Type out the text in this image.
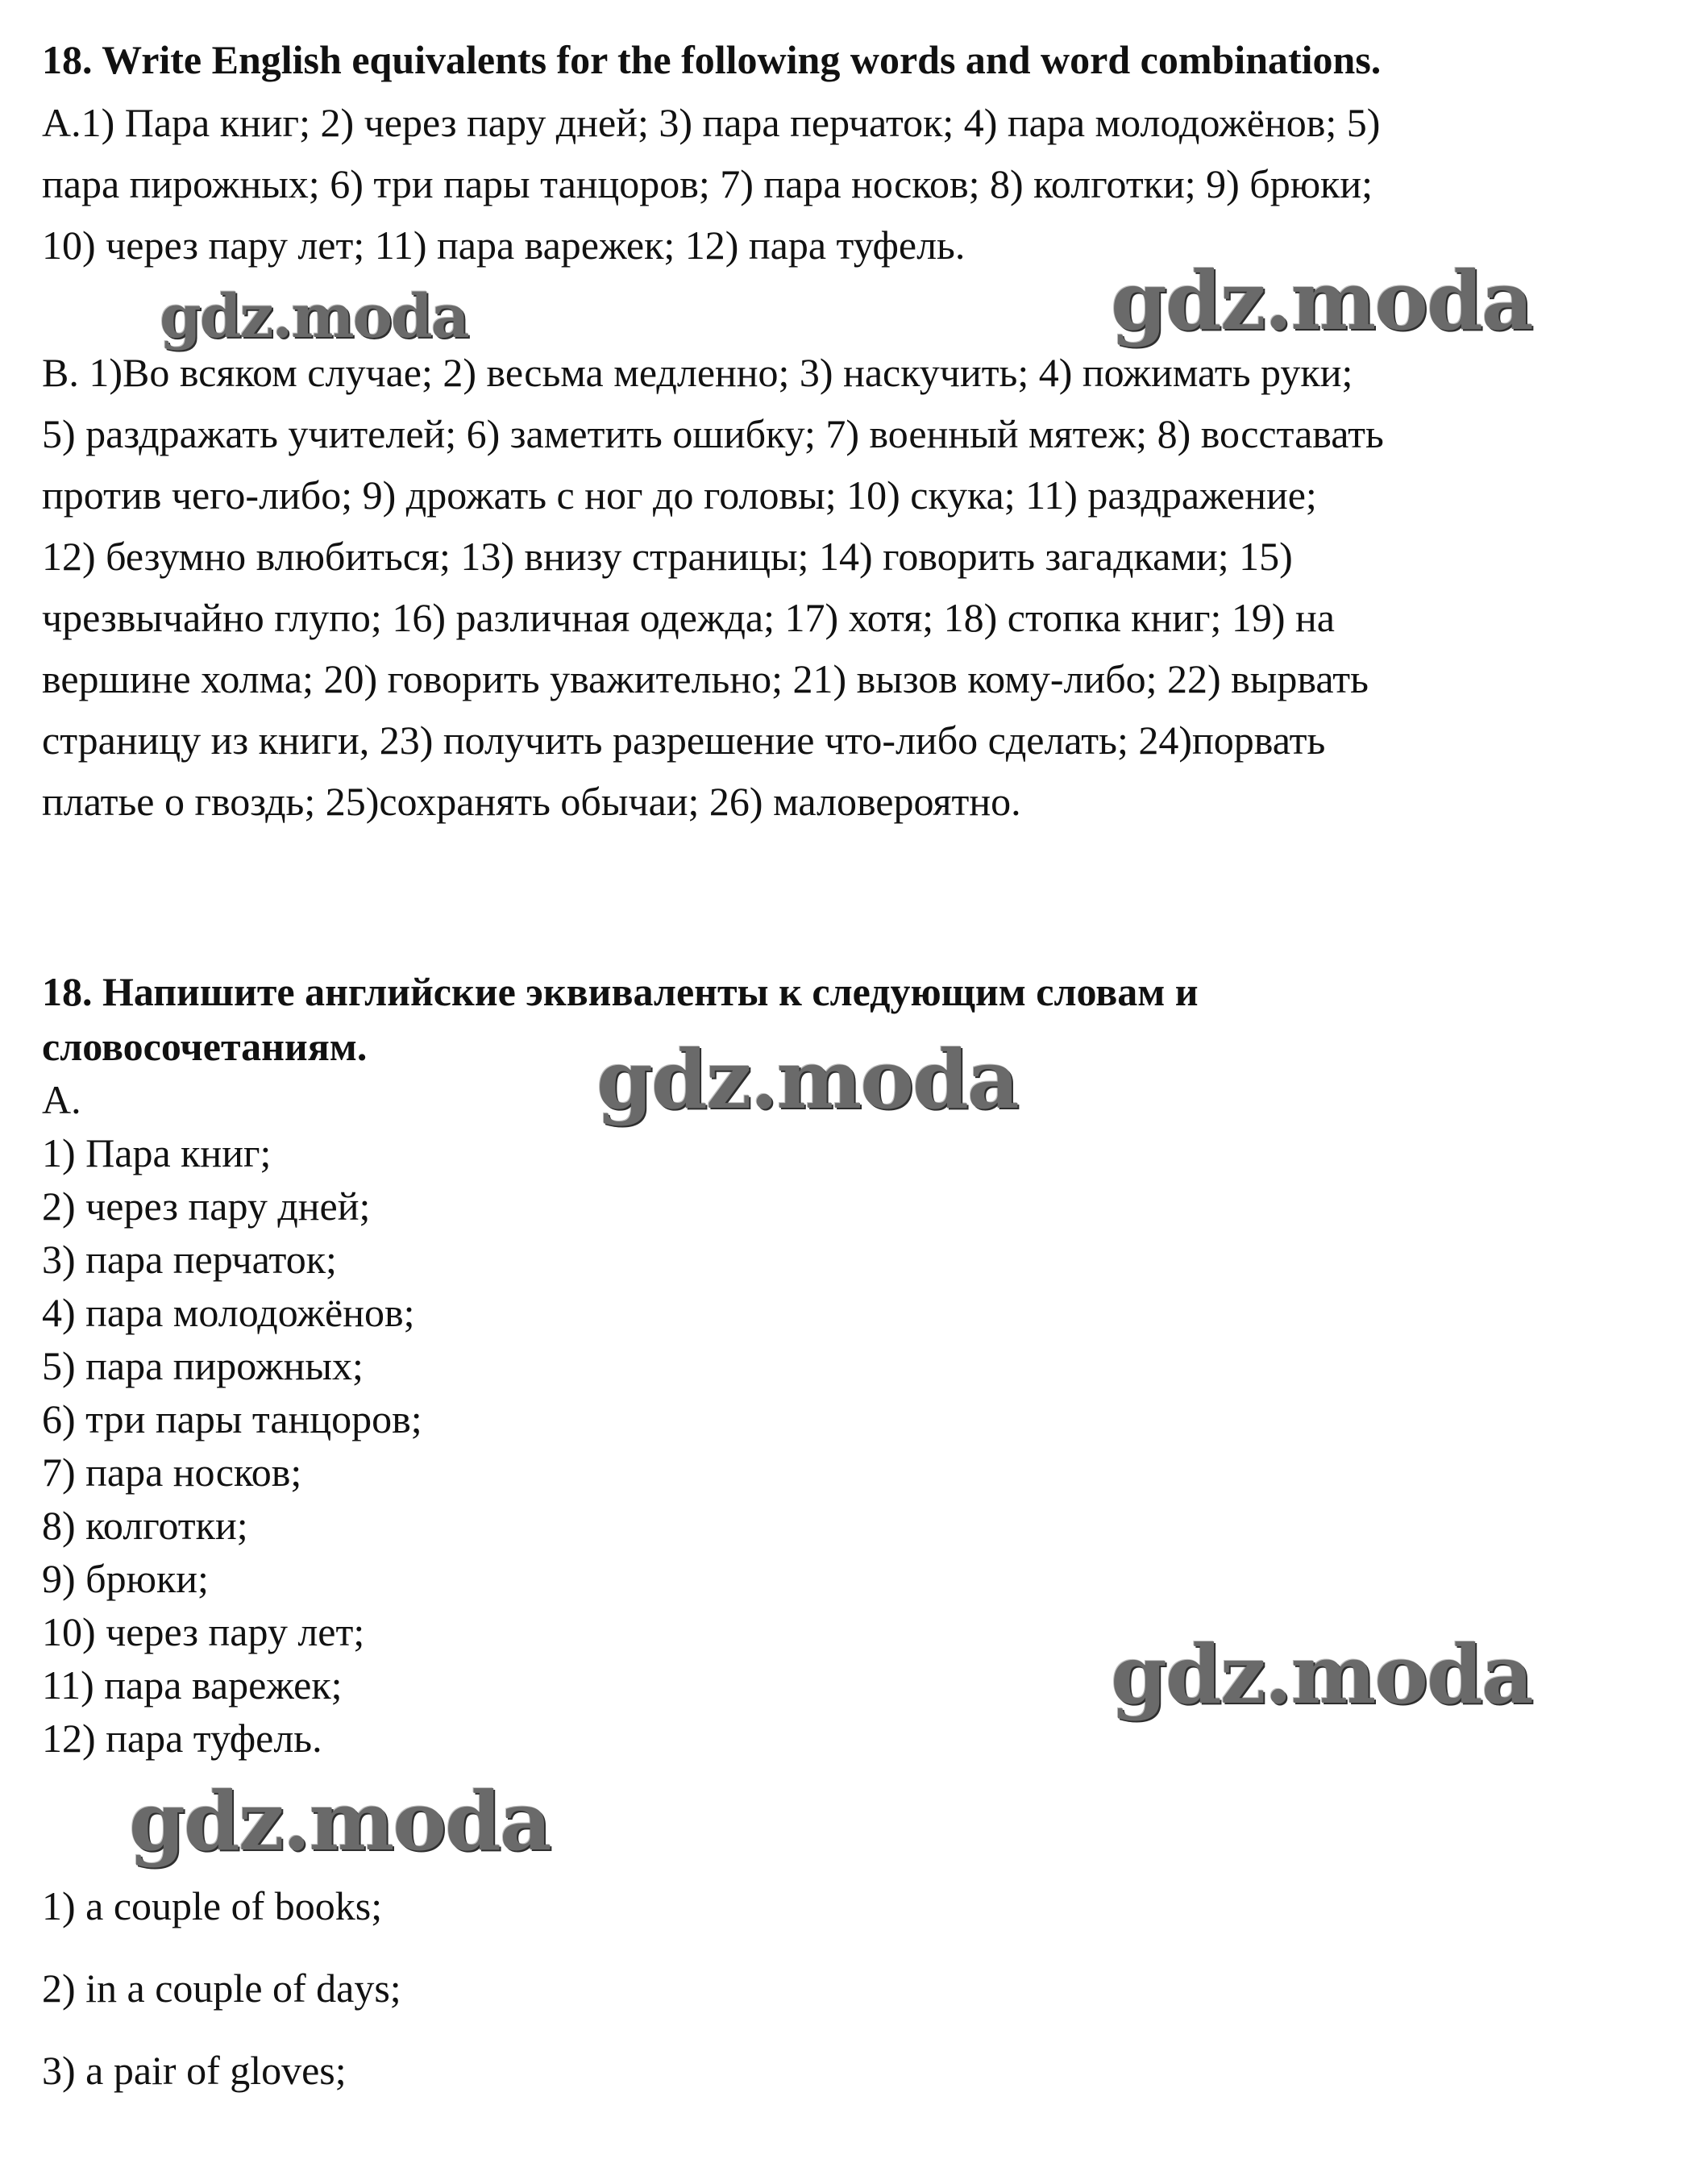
18. Write English equivalents for the following words and word combinations.
А.1) Пара книг; 2) через пару дней; 3) пара перчаток; 4) пара молодожёнов; 5)
пара пирожных; 6) три пары танцоров; 7) пара носков; 8) колготки; 9) брюки;
10) через пару лет; 11) пара варежек; 12) пара туфель.
В. 1)Во всяком случае; 2) весьма медленно; 3) наскучить; 4) пожимать руки;
5) раздражать учителей; 6) заметить ошибку; 7) военный мятеж; 8) восставать
против чего-либо; 9) дрожать с ног до головы; 10) скука; 11) раздражение;
12) безумно влюбиться; 13) внизу страницы; 14) говорить загадками; 15)
чрезвычайно глупо; 16) различная одежда; 17) хотя; 18) стопка книг; 19) на
вершине холма; 20) говорить уважительно; 21) вызов кому-либо; 22) вырвать
страницу из книги, 23) получить разрешение что-либо сделать; 24)порвать
платье о гвоздь; 25)сохранять обычаи; 26) маловероятно.
18. Напишите английские эквиваленты к следующим словам и
словосочетаниям.
А.
1) Пара книг;
2) через пару дней;
3) пара перчаток;
4) пара молодожёнов;
5) пара пирожных;
6) три пары танцоров;
7) пара носков;
8) колготки;
9) брюки;
10) через пару лет;
11) пара варежек;
12) пара туфель.
1) a couple of books;
2) in a couple of days;
3) a pair of gloves;
gdz.moda	gdz.moda
gdz.moda
gdz.moda
gdz.moda
